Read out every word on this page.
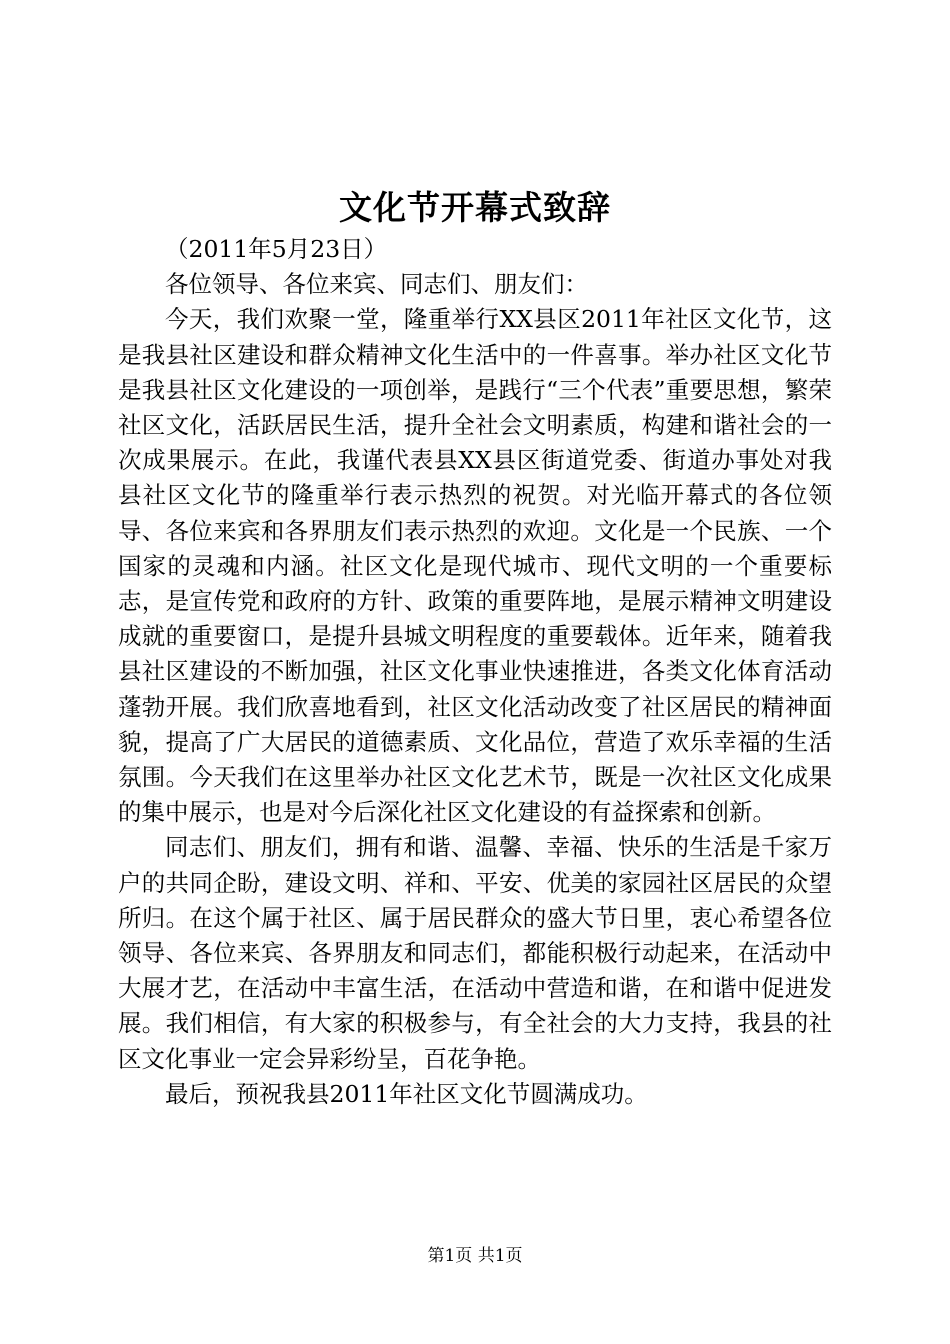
文化节开幕式致辞

（2011年5月23日）

各位领导、各位来宾、同志们、朋友们：

今天，我们欢聚一堂，隆重举行XX县区2011年社区文化节，这是我县社区建设和群众精神文化生活中的一件喜事。举办社区文化节是我县社区文化建设的一项创举，是践行“三个代表”重要思想，繁荣社区文化，活跃居民生活，提升全社会文明素质，构建和谐社会的一次成果展示。在此，我谨代表县XX县区街道党委、街道办事处对我县社区文化节的隆重举行表示热烈的祝贺。对光临开幕式的各位领导、各位来宾和各界朋友们表示热烈的欢迎。文化是一个民族、一个国家的灵魂和内涵。社区文化是现代城市、现代文明的一个重要标志，是宣传党和政府的方针、政策的重要阵地，是展示精神文明建设成就的重要窗口，是提升县城文明程度的重要载体。近年来，随着我县社区建设的不断加强，社区文化事业快速推进，各类文化体育活动蓬勃开展。我们欣喜地看到，社区文化活动改变了社区居民的精神面貌，提高了广大居民的道德素质、文化品位，营造了欢乐幸福的生活氛围。今天我们在这里举办社区文化艺术节，既是一次社区文化成果的集中展示，也是对今后深化社区文化建设的有益探索和创新。

同志们、朋友们，拥有和谐、温馨、幸福、快乐的生活是千家万户的共同企盼，建设文明、祥和、平安、优美的家园社区居民的众望所归。在这个属于社区、属于居民群众的盛大节日里，衷心希望各位领导、各位来宾、各界朋友和同志们，都能积极行动起来，在活动中大展才艺，在活动中丰富生活，在活动中营造和谐，在和谐中促进发展。我们相信，有大家的积极参与，有全社会的大力支持，我县的社区文化事业一定会异彩纷呈，百花争艳。

最后，预祝我县2011年社区文化节圆满成功。

第1页 共1页
